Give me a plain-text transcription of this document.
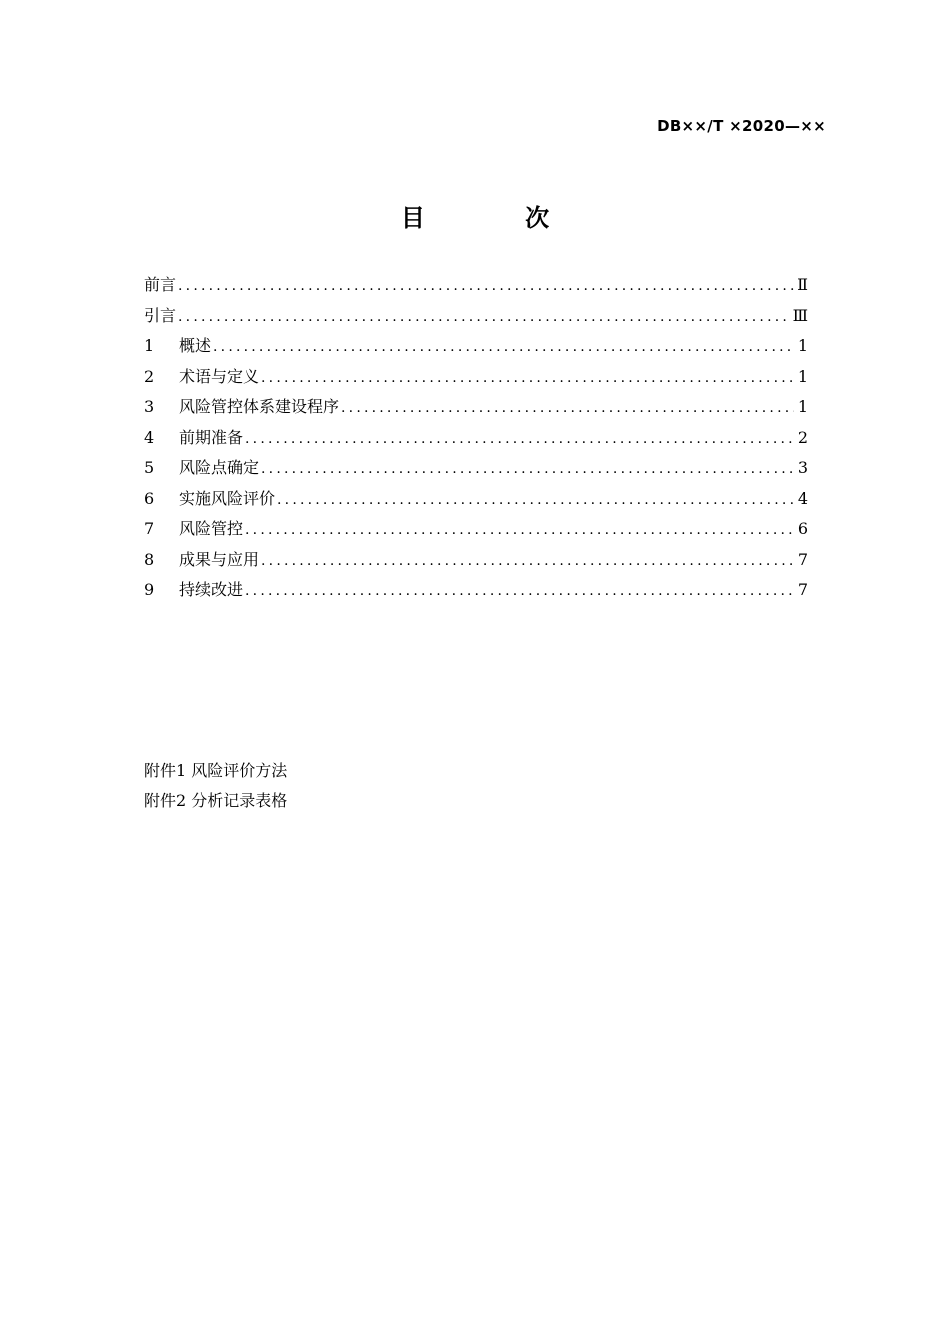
DB××/T ×2020—××
目 次
前言 .....	Ⅱ
引言 .....	Ⅲ
1	概述 .....	1
2	术语与定义 .....	1
3	风险管控体系建设程序 .....	1
4	前期准备 .....	2
5	风险点确定 .....	3
6	实施风险评价 .....	4
7	风险管控 .....	6
8	成果与应用 .....	7
9	持续改进 .....	7
附件1 风险评价方法
附件2 分析记录表格
